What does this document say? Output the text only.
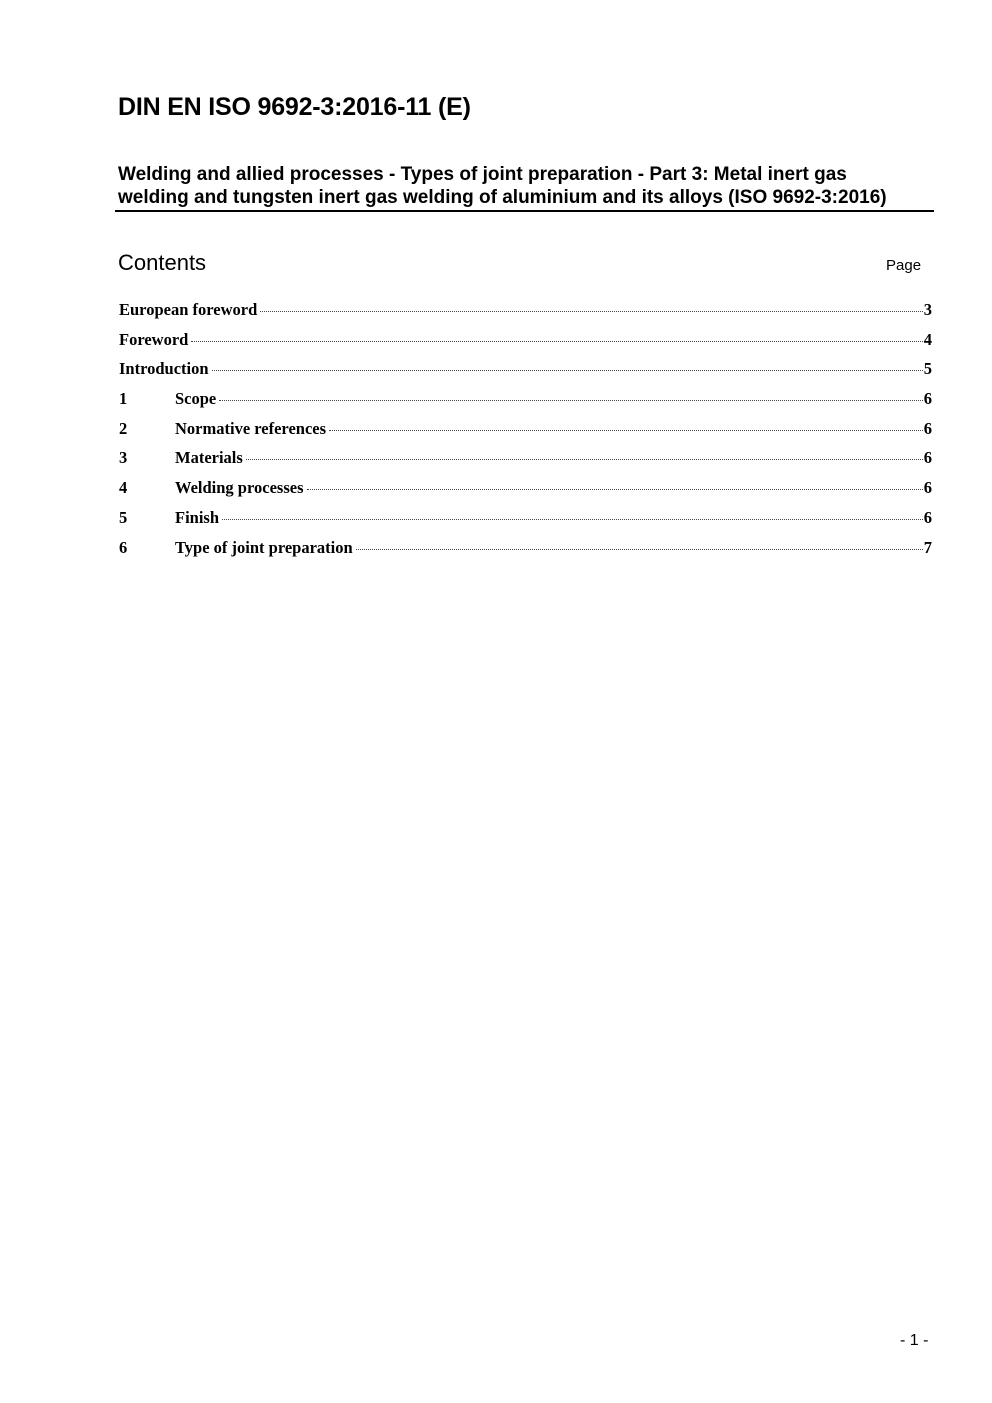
DIN EN ISO 9692-3:2016-11 (E)
Welding and allied processes - Types of joint preparation - Part 3: Metal inert gas
welding and tungsten inert gas welding of aluminium and its alloys (ISO 9692-3:2016)
Contents	Page
European foreword	3
Foreword	4
Introduction	5
1	Scope	6
2	Normative references	6
3	Materials	6
4	Welding processes	6
5	Finish	6
6	Type of joint preparation	7
- 1 -
